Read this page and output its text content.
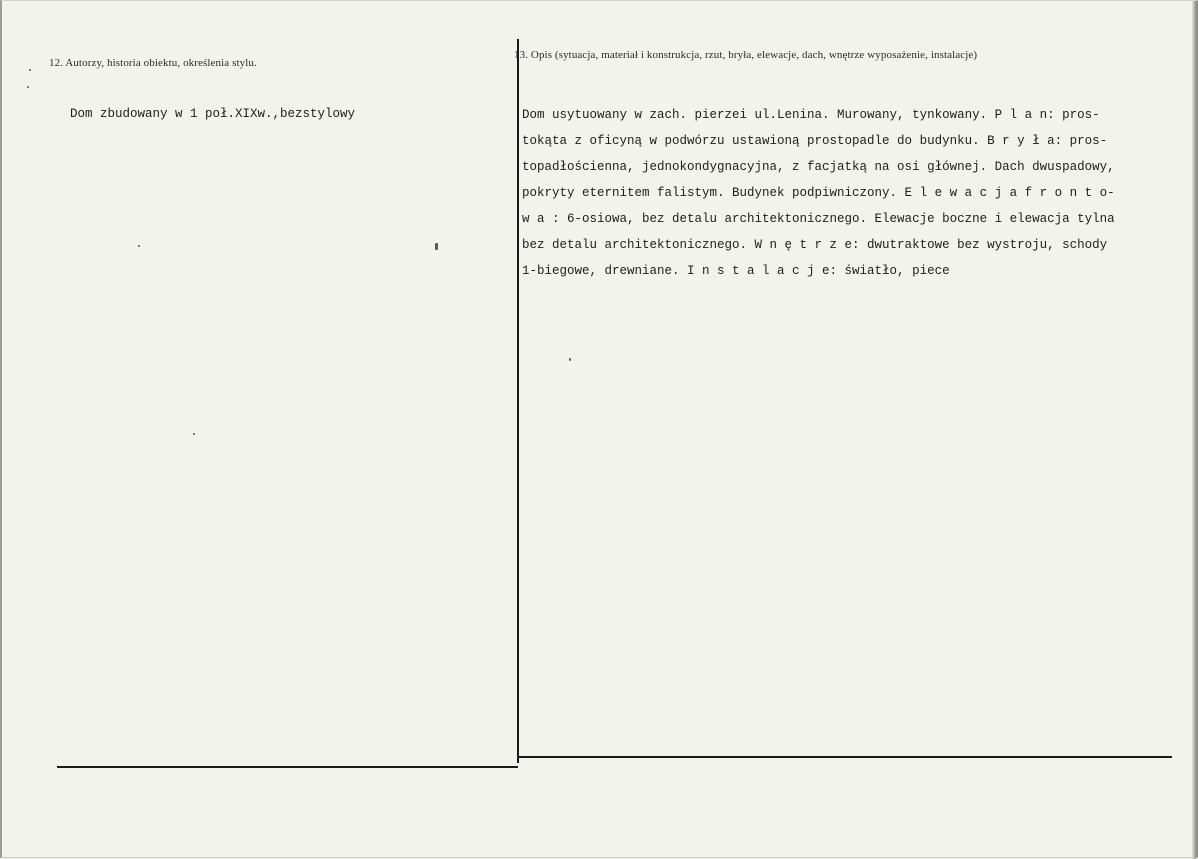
12. Autorzy, historia obiektu, określenia stylu.
Dom zbudowany w 1 poł.XIXw.,bezstylowy
13. Opis (sytuacja, materiał i konstrukcja, rzut, bryła, elewacje, dach, wnętrze wyposażenie, instalacje)
Dom usytuowany w zach. pierzei ul.Lenina. Murowany, tynkowany. P l a n: pros-
tokąta z oficyną w podwórzu ustawioną prostopadle do budynku. B r y ł a: pros-
topadłościenna, jednokondygnacyjna, z facjatką na osi głównej. Dach dwuspadowy,
pokryty eternitem falistym. Budynek podpiwniczony. E l e w a c j a f r o n t o-
w a : 6-osiowa, bez detalu architektonicznego. Elewacje boczne i elewacja tylna
bez detalu architektonicznego. W n ę t r z e: dwutraktowe bez wystroju, schody
1-biegowe, drewniane. I n s t a l a c j e: światło, piece
